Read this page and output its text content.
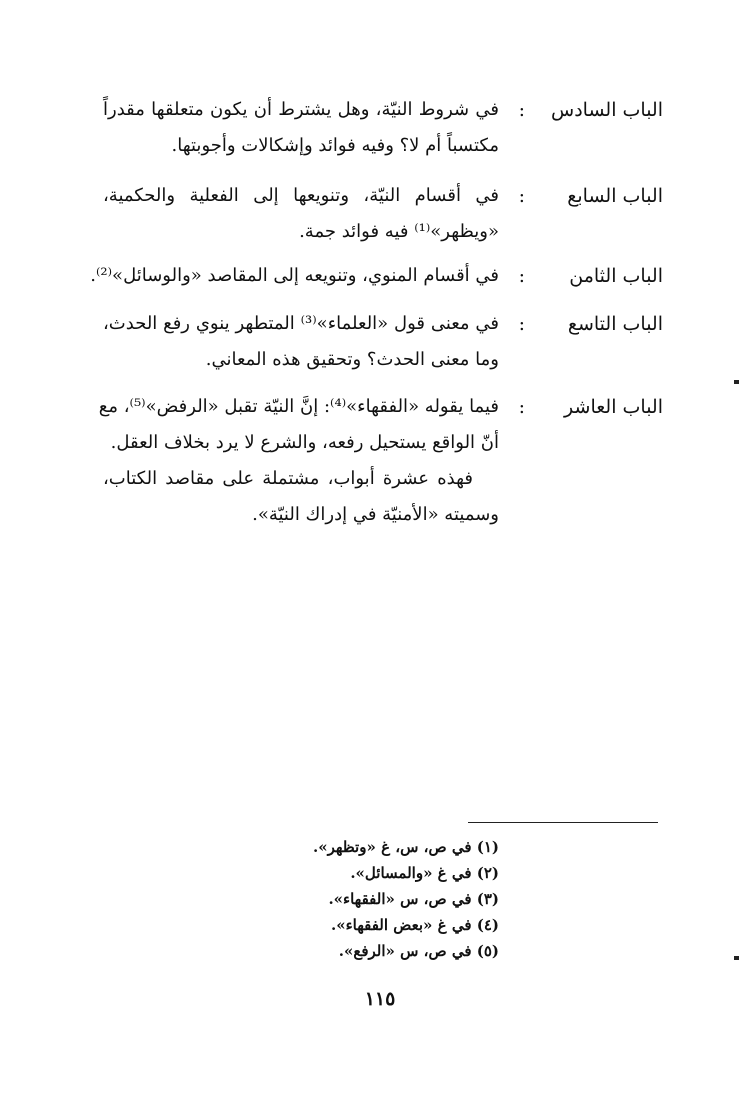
الباب السادس
:
في شروط النيّة، وهل يشترط أن يكون متعلقها مقدراً
مكتسباً أم لا؟ وفيه فوائد وإشكالات وأجوبتها.
الباب السابع
:
في أقسام النيّة، وتنويعها إلى الفعلية والحكمية،
«ويظهر»⁽¹⁾ فيه فوائد جمة.
الباب الثامن
:
في أقسام المنوي، وتنويعه إلى المقاصد «والوسائل»⁽²⁾.
الباب التاسع
:
في معنى قول «العلماء»⁽³⁾ المتطهر ينوي رفع الحدث،
وما معنى الحدث؟ وتحقيق هذه المعاني.
الباب العاشر
:
فيما يقوله «الفقهاء»⁽⁴⁾: إنَّ النيّة تقبل «الرفض»⁽⁵⁾، مع
أنّ الواقع يستحيل رفعه، والشرع لا يرد بخلاف العقل.
فهذه عشرة أبواب، مشتملة على مقاصد الكتاب،
وسميته «الأمنيّة في إدراك النيّة».
(١) في ص، س، غ «وتظهر».
(٢) في غ «والمسائل».
(٣) في ص، س «الفقهاء».
(٤) في غ «بعض الفقهاء».
(٥) في ص، س «الرفع».
١١٥
